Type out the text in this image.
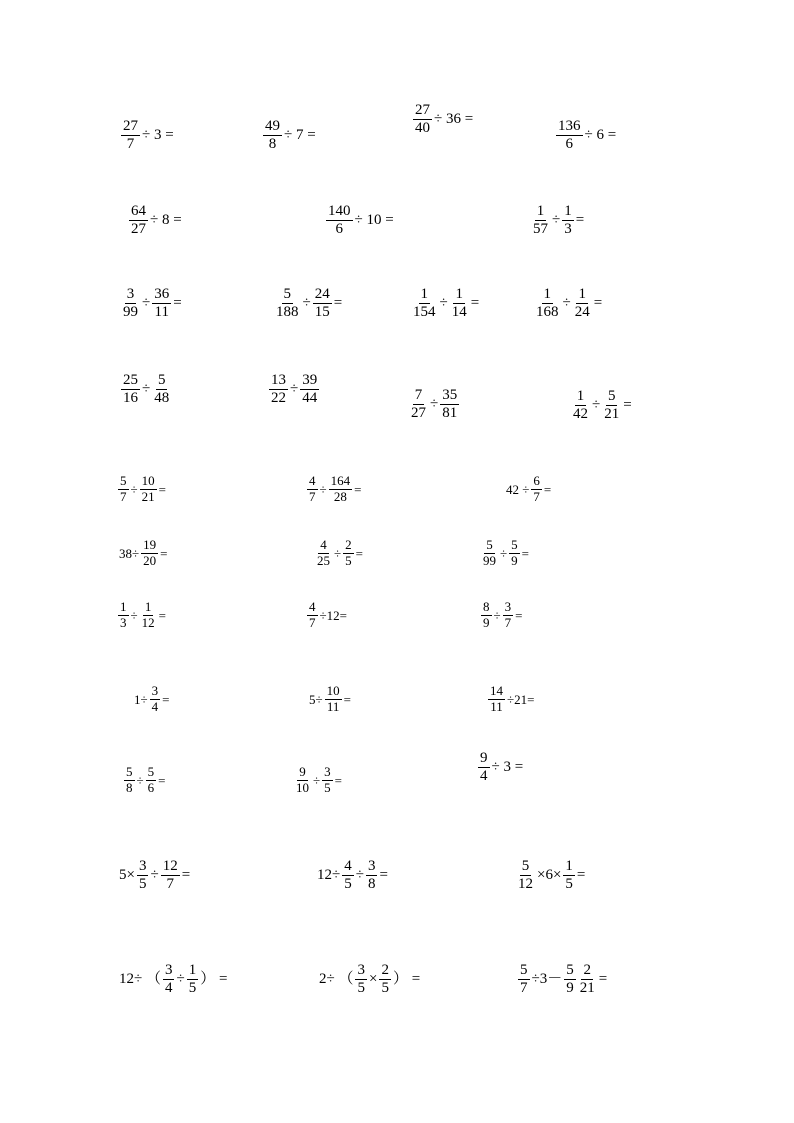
$\frac{27}{7} \div 3$ =	$\frac{49}{8} \div 7$ =	$\frac{27}{40} \div 36$ =	$\frac{136}{6} \div 6$ =
$\frac{64}{27} \div 8$ =	$\frac{140}{6} \div 10$ =	$\frac{1}{57} \div \frac{1}{3}$ =
$\frac{3}{99} \div \frac{36}{11}$ =	$\frac{5}{188} \div \frac{24}{15}$ =	$\frac{1}{154} \div \frac{1}{14}$ =	$\frac{1}{168} \div \frac{1}{24}$ =
$\frac{25}{16} \div \frac{5}{48}$	$\frac{13}{22} \div \frac{39}{44}$	$\frac{7}{27} \div \frac{35}{81}$	$\frac{1}{42} \div \frac{5}{21}$ =
$\frac{5}{7} \div \frac{10}{21}$ =	$\frac{4}{7} \div \frac{164}{28}$ =	$42 \div \frac{6}{7}$ =
$38\div \frac{19}{20}$ =	$\frac{4}{25} \div \frac{2}{5}$ =	$\frac{5}{99} \div \frac{5}{9}$ =
$\frac{1}{3} \div \frac{1}{12}$ =	$\frac{4}{7} \div 12=$	$\frac{8}{9} \div \frac{3}{7}$ =
$1\div \frac{3}{4}$ =	$5\div \frac{10}{11}$ =	$\frac{14}{11} \div 21=$
$\frac{5}{8} \div \frac{5}{6}$ =	$\frac{9}{10} \div \frac{3}{5}$ =	$\frac{9}{4} \div 3$ =
$5\times \frac{3}{5} \div \frac{12}{7}$ =	$12\div \frac{4}{5} \div \frac{3}{8}$ =	$\frac{5}{12} \times 6\times \frac{1}{5}$ =
12÷ （ $\frac{3}{4} \div \frac{1}{5}$ ） =	2÷ （ $\frac{3}{5} \times \frac{2}{5}$ ） =	$\frac{5}{7} \div 3- \frac{5}{9} \frac{2}{21}$ =
